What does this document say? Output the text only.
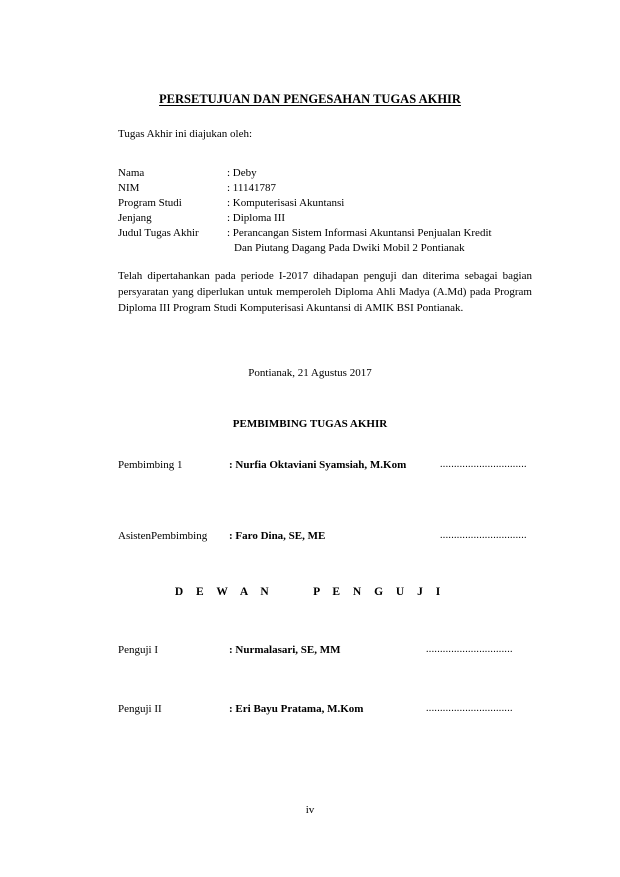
PERSETUJUAN DAN PENGESAHAN TUGAS AKHIR
Tugas Akhir ini diajukan oleh:
Nama	: Deby
NIM	: 11141787
Program Studi	: Komputerisasi Akuntansi
Jenjang	: Diploma III
Judul Tugas Akhir	: Perancangan Sistem Informasi Akuntansi Penjualan Kredit
Dan Piutang Dagang Pada Dwiki Mobil 2 Pontianak
Telah dipertahankan pada periode I-2017 dihadapan penguji dan diterima sebagai bagian persyaratan yang diperlukan untuk memperoleh Diploma Ahli Madya (A.Md) pada Program Diploma III Program Studi Komputerisasi Akuntansi di AMIK BSI Pontianak.
Pontianak, 21 Agustus 2017
PEMBIMBING TUGAS AKHIR
Pembimbing 1	: Nurfia Oktaviani Syamsiah, M.Kom	...............................
AsistenPembimbing : Faro Dina, SE, ME	...............................
D E W A N     P E N G U J I
Penguji I	: Nurmalasari, SE, MM	...............................
Penguji II	: Eri Bayu Pratama, M.Kom	...............................
iv
